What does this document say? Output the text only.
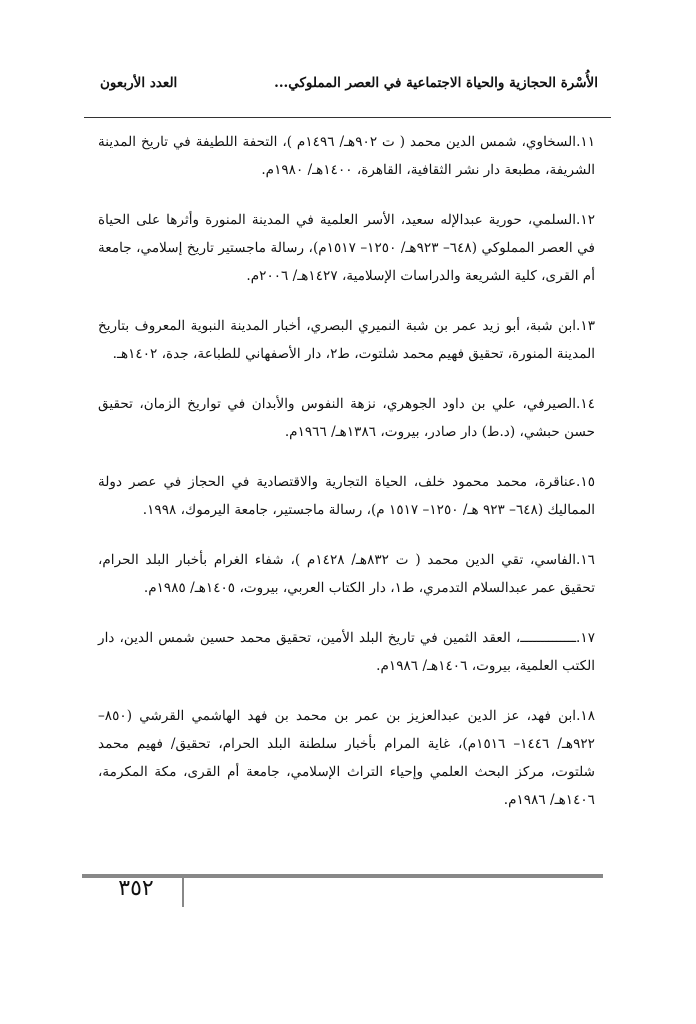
الأُسْرة الحجازية والحياة الاجتماعية في العصر المملوكي...
العدد الأربعون

١١.السخاوي، شمس الدين محمد ( ت ٩٠٢هـ/ ١٤٩٦م )، التحفة اللطيفة في تاريخ المدينة الشريفة، مطبعة دار نشر الثقافية، القاهرة، ١٤٠٠هـ/ ١٩٨٠م.

١٢.السلمي، حورية عبدالإله سعيد، الأسر العلمية في المدينة المنورة وأثرها على الحياة في العصر المملوكي (٦٤٨– ٩٢٣هـ/ ١٢٥٠– ١٥١٧م)، رسالة ماجستير تاريخ إسلامي، جامعة أم القرى، كلية الشريعة والدراسات الإسلامية، ١٤٢٧هـ/ ٢٠٠٦م.

١٣.ابن شبة، أبو زيد عمر بن شبة النميري البصري، أخبار المدينة النبوية المعروف بتاريخ المدينة المنورة، تحقيق فهيم محمد شلتوت، ط٢، دار الأصفهاني للطباعة، جدة، ١٤٠٢هـ.

١٤.الصيرفي، علي بن داود الجوهري، نزهة النفوس والأبدان في تواريخ الزمان، تحقيق حسن حبشي، (د.ط) دار صادر، بيروت، ١٣٨٦هـ/ ١٩٦٦م.

١٥.عناقرة، محمد محمود خلف، الحياة التجارية والاقتصادية في الحجاز في عصر دولة المماليك (٦٤٨– ٩٢٣ هـ/ ١٢٥٠– ١٥١٧ م)، رسالة ماجستير، جامعة اليرموك، ١٩٩٨.

١٦.الفاسي، تقي الدين محمد ( ت ٨٣٢هـ/ ١٤٢٨م )، شفاء الغرام بأخبار البلد الحرام، تحقيق عمر عبدالسلام التدمري، ط١، دار الكتاب العربي، بيروت، ١٤٠٥هـ/ ١٩٨٥م.

١٧.ــــــــــــــ، العقد الثمين في تاريخ البلد الأمين، تحقيق محمد حسين شمس الدين، دار الكتب العلمية، بيروت، ١٤٠٦هـ/ ١٩٨٦م.

١٨.ابن فهد، عز الدين عبدالعزيز بن عمر بن محمد بن فهد الهاشمي القرشي (٨٥٠– ٩٢٢هـ/ ١٤٤٦– ١٥١٦م)، غاية المرام بأخبار سلطنة البلد الحرام، تحقيق/ فهيم محمد شلتوت، مركز البحث العلمي وإحياء التراث الإسلامي، جامعة أم القرى، مكة المكرمة، ١٤٠٦هـ/ ١٩٨٦م.

٣٥٢
